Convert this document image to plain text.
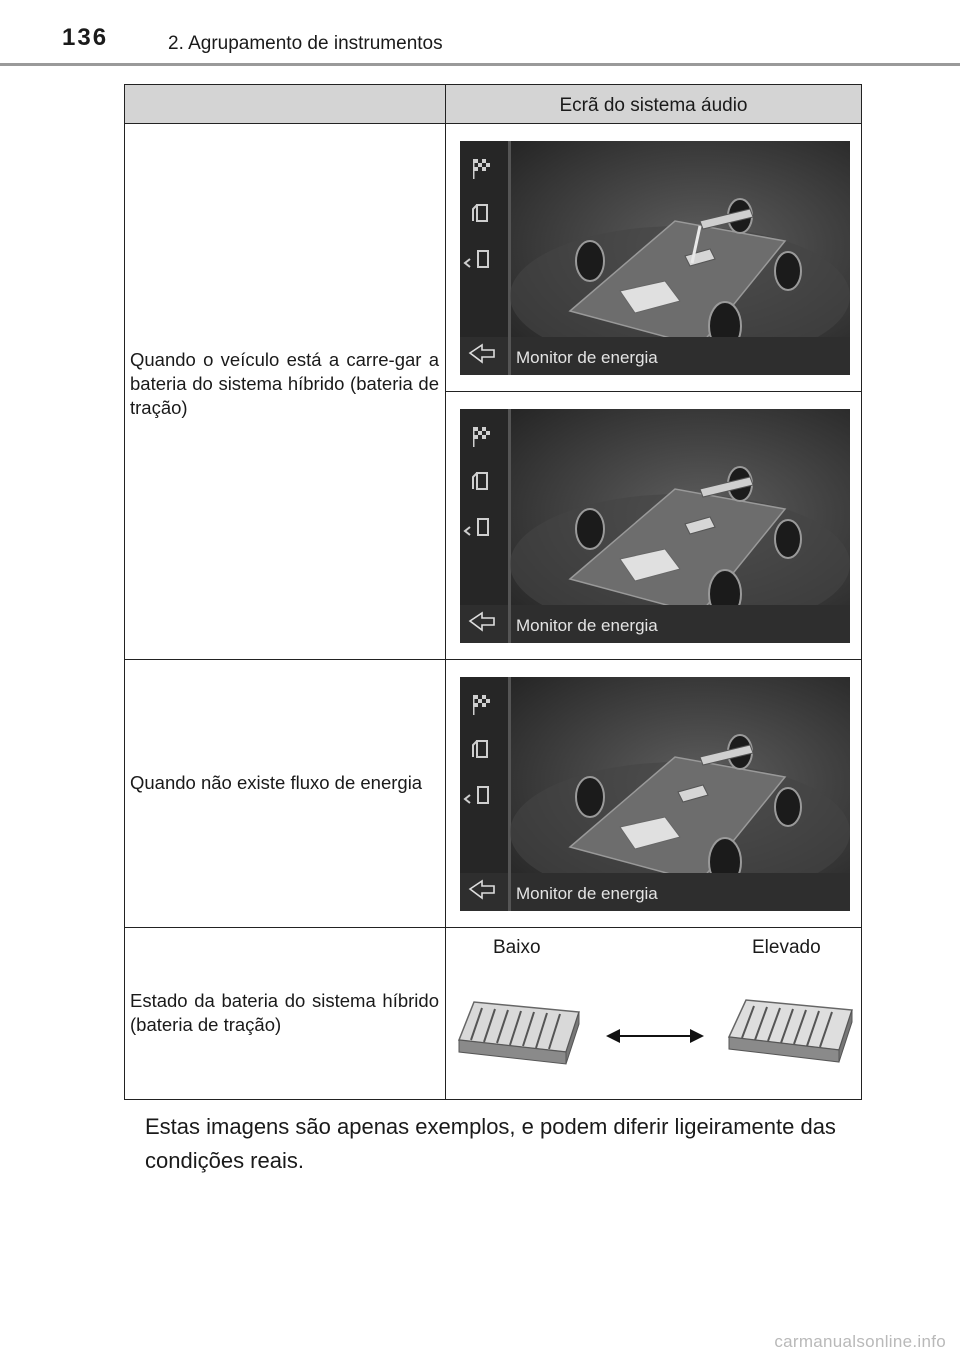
136	2. Agrupamento de instrumentos
Ecrã do sistema áudio
Quando o veículo está a carre-gar a bateria do sistema híbrido (bateria de tração)
Quando não existe fluxo de energia
Estado da bateria do sistema híbrido (bateria de tração)
Monitor de energia
Monitor de energia
Monitor de energia
Baixo	Elevado
Estas imagens são apenas exemplos, e podem diferir ligeiramente das condições reais.
carmanualsonline.info
